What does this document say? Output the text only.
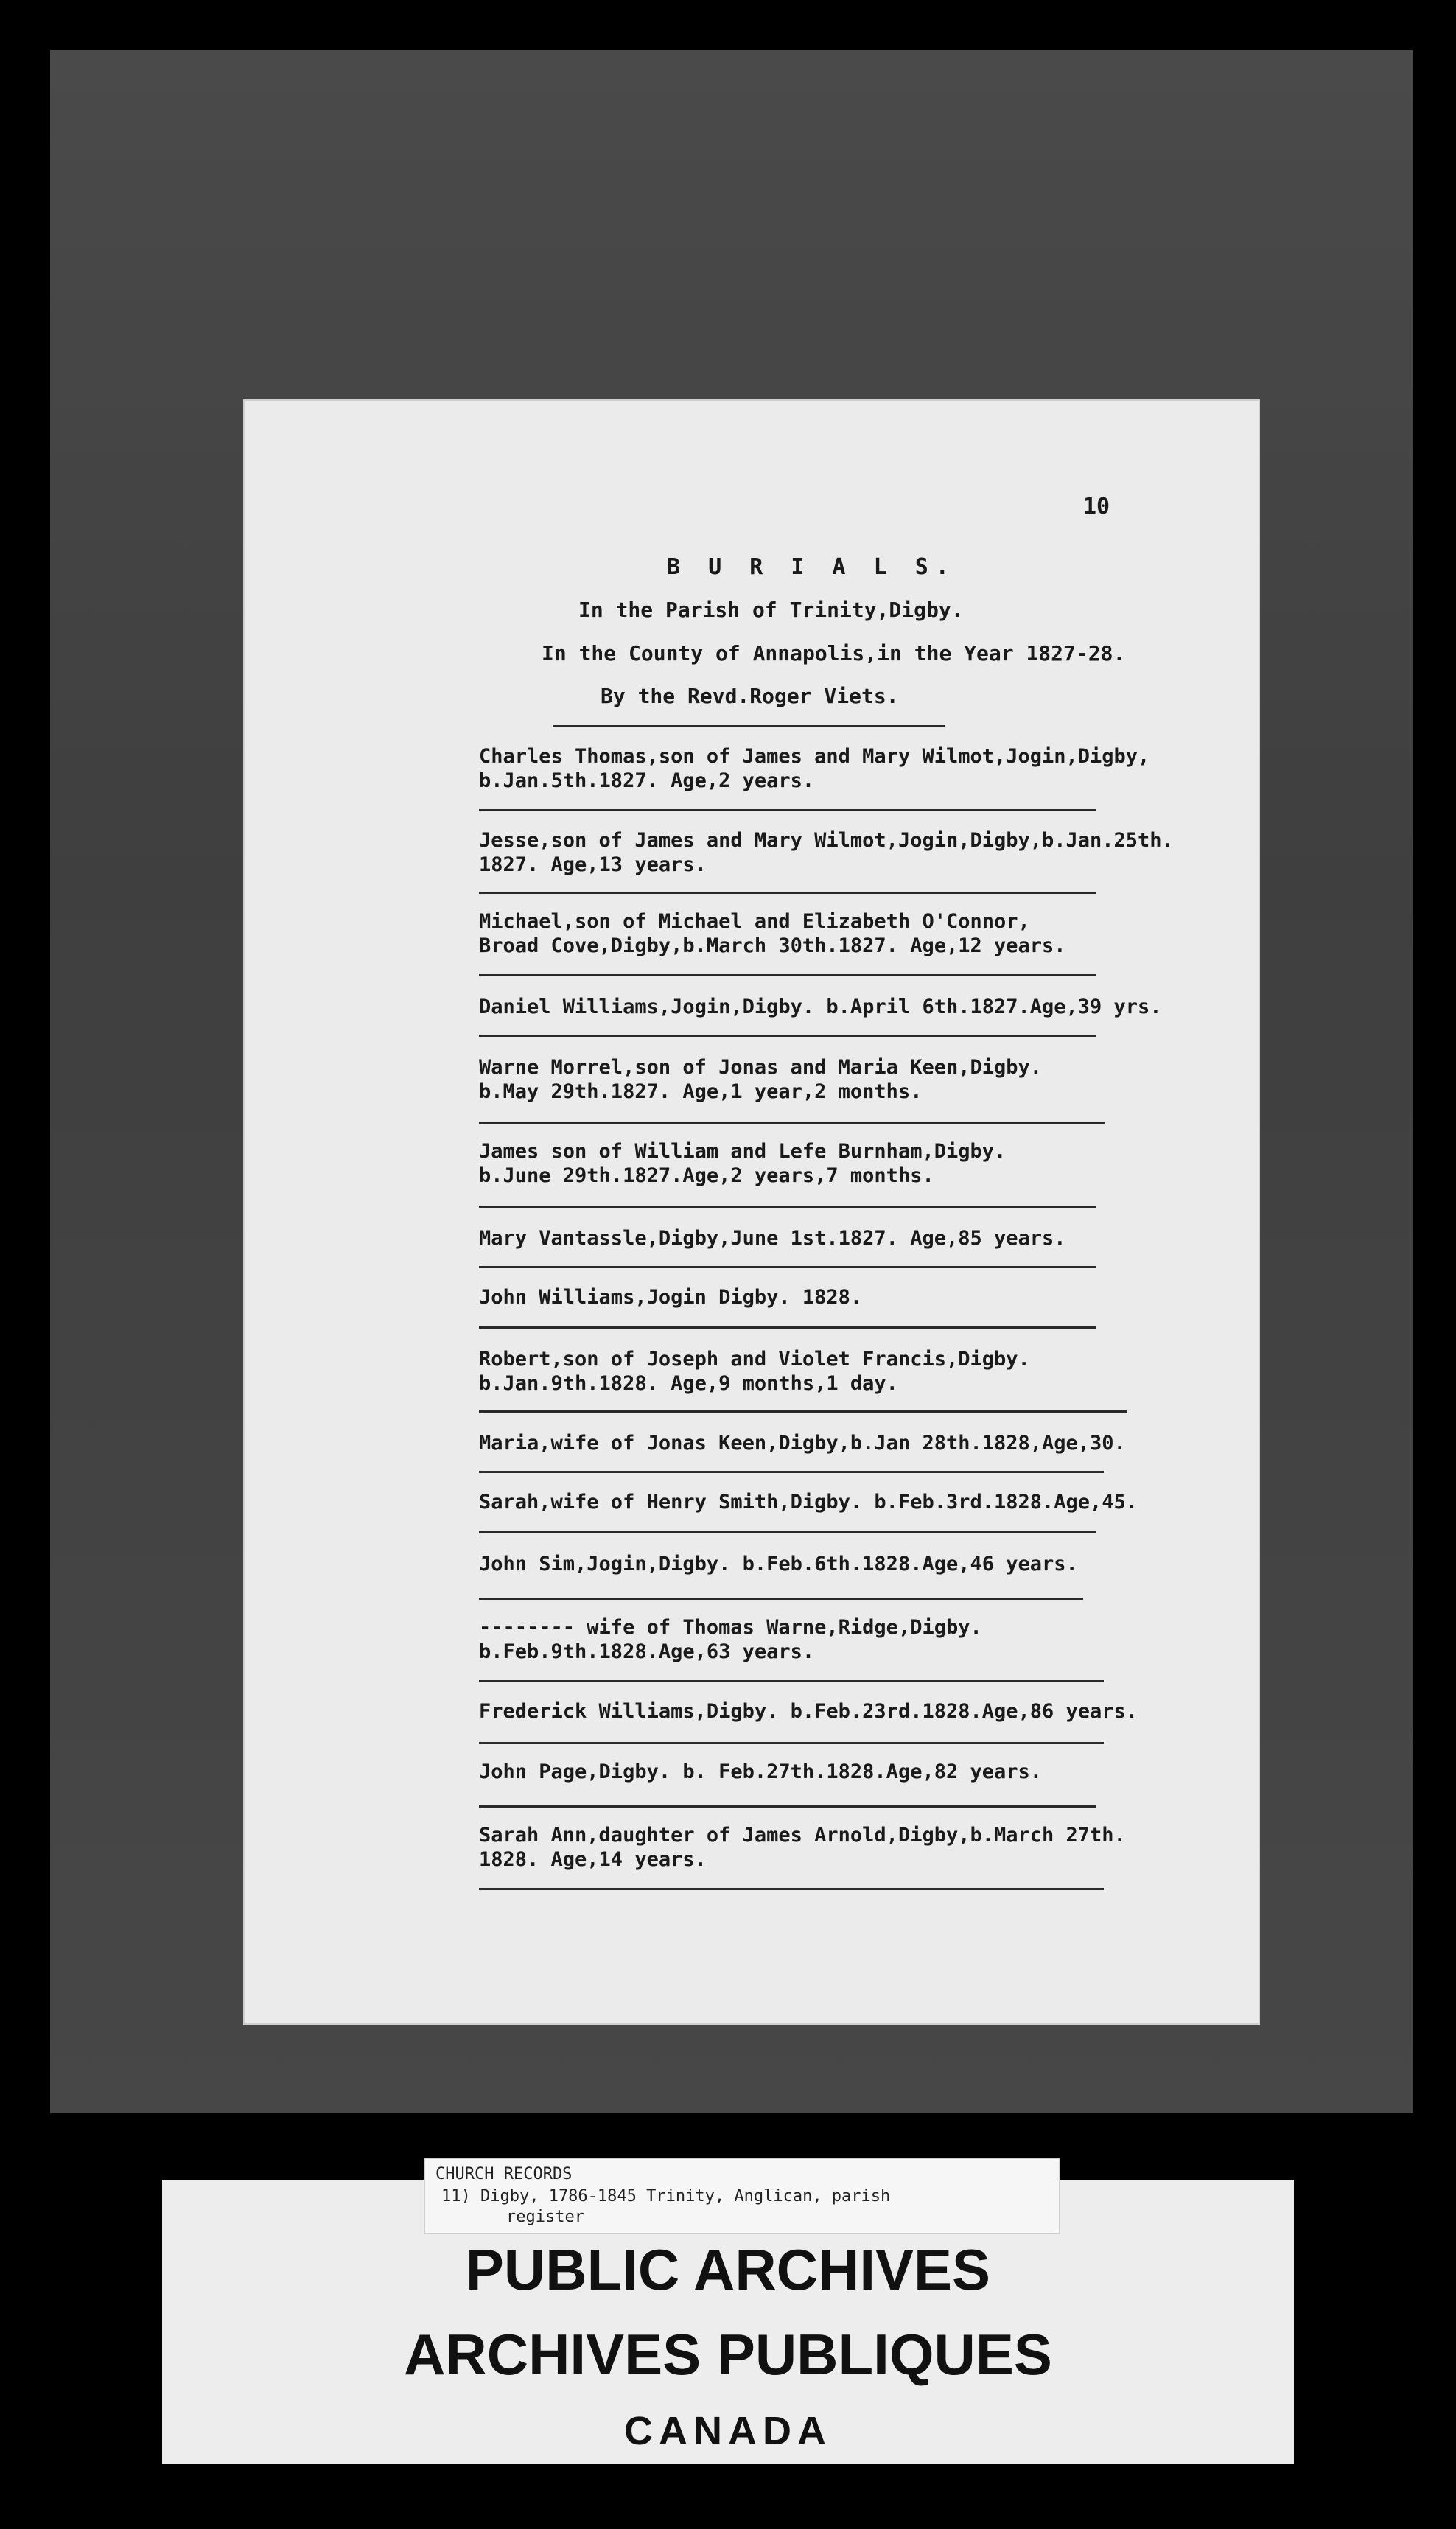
10
B U R I A L S.
In the Parish of Trinity,Digby.
In the County of Annapolis,in the Year 1827-28.
By the Revd.Roger Viets.
Charles Thomas,son of James and Mary Wilmot,Jogin,Digby,
b.Jan.5th.1827. Age,2 years.
Jesse,son of James and Mary Wilmot,Jogin,Digby,b.Jan.25th.
1827. Age,13 years.
Michael,son of Michael and Elizabeth O'Connor,
Broad Cove,Digby,b.March 30th.1827. Age,12 years.
Daniel Williams,Jogin,Digby. b.April 6th.1827.Age,39 yrs.
Warne Morrel,son of Jonas and Maria Keen,Digby.
b.May 29th.1827. Age,1 year,2 months.
James son of William and Lefe Burnham,Digby.
b.June 29th.1827.Age,2 years,7 months.
Mary Vantassle,Digby,June 1st.1827. Age,85 years.
John Williams,Jogin Digby. 1828.
Robert,son of Joseph and Violet Francis,Digby.
b.Jan.9th.1828. Age,9 months,1 day.
Maria,wife of Jonas Keen,Digby,b.Jan 28th.1828,Age,30.
Sarah,wife of Henry Smith,Digby. b.Feb.3rd.1828.Age,45.
John Sim,Jogin,Digby. b.Feb.6th.1828.Age,46 years.
-------- wife of Thomas Warne,Ridge,Digby.
b.Feb.9th.1828.Age,63 years.
Frederick Williams,Digby. b.Feb.23rd.1828.Age,86 years.
John Page,Digby. b. Feb.27th.1828.Age,82 years.
Sarah Ann,daughter of James Arnold,Digby,b.March 27th.
1828. Age,14 years.
CHURCH RECORDS
11) Digby, 1786-1845 Trinity, Anglican, parish
register
PUBLIC ARCHIVES
ARCHIVES PUBLIQUES
CANADA
